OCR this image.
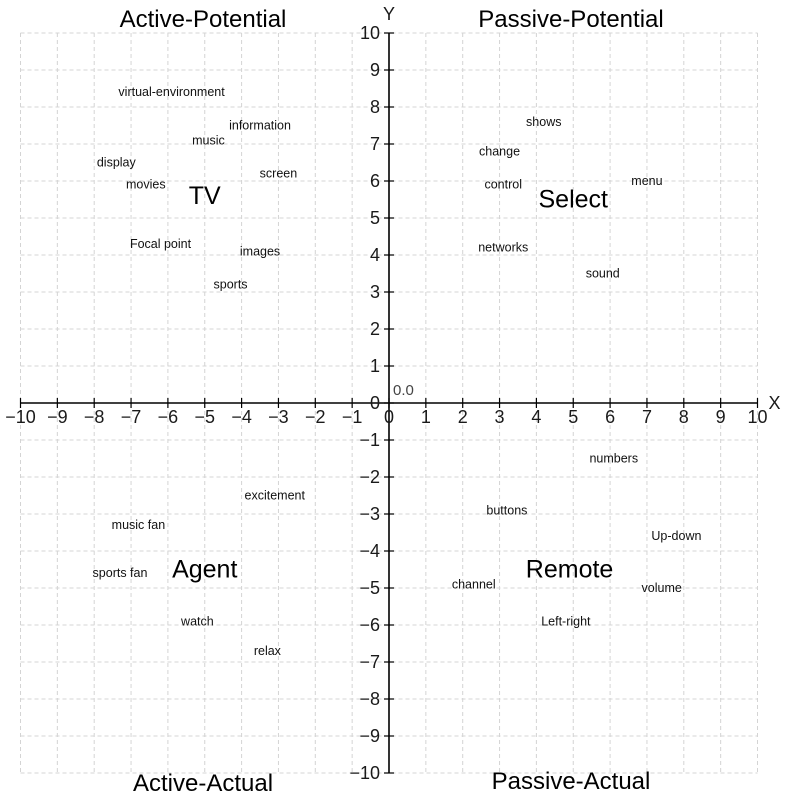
−10 −9 −8 −7 −6 −5 −4 −3 −2 −1 0 1 2 3 4 5 6 7 8 9 10
−10
−9
−8
−7
−6
−5
−4
−3
−2
−1
0
1
2
3
4
5
6
7
8
9
10
X
Y
0.0
Active-Potential	Passive-Potential
Active-Actual	Passive-Actual
virtual-environment
information
music
display
screen
movies
Focal point
images
sports
shows
change
control	menu
networks
sound
numbers
excitement
buttons
music fan
Up-down
sports fan
channel	volume
Left-right
watch
relax
TV	Select
Agent	Remote
